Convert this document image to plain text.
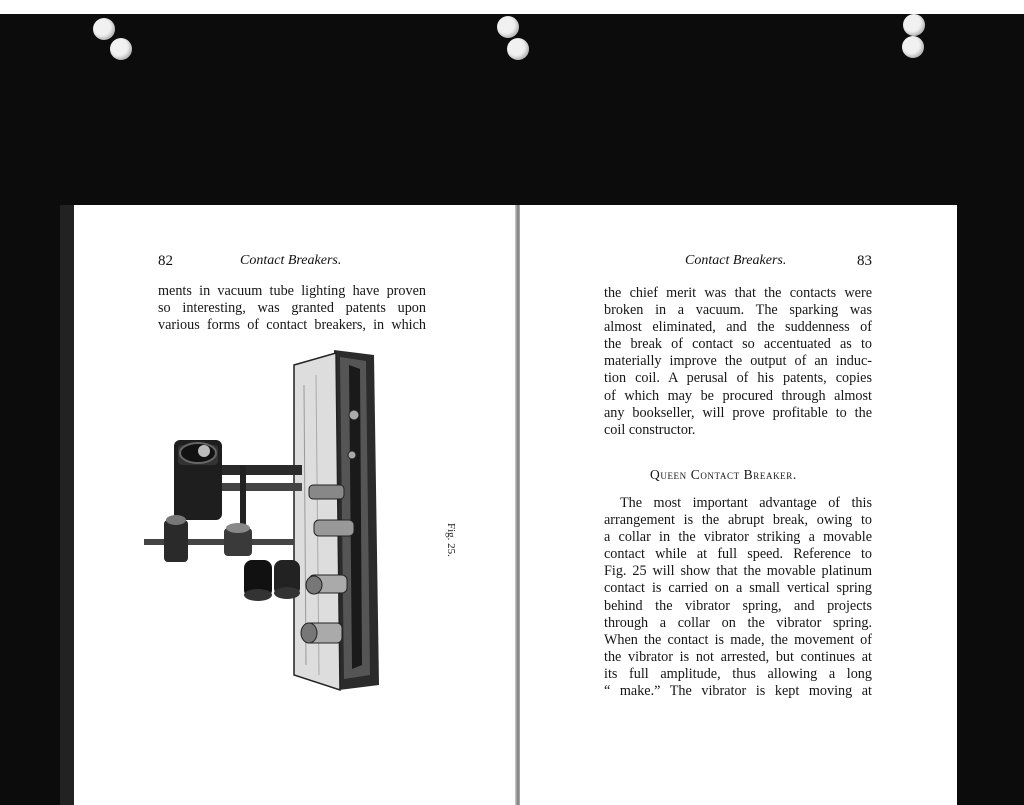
82	Contact Breakers.
ments in vacuum tube lighting have proven
so interesting, was granted patents upon
various forms of contact breakers, in which
Fig. 25.
Contact Breakers.	83
the chief merit was that the contacts were
broken in a vacuum. The sparking was
almost eliminated, and the suddenness of
the break of contact so accentuated as to
materially improve the output of an induc-
tion coil. A perusal of his patents, copies
of which may be procured through almost
any bookseller, will prove profitable to the
coil constructor.
Queen Contact Breaker.
The most important advantage of this
arrangement is the abrupt break, owing to
a collar in the vibrator striking a movable
contact while at full speed. Reference to
Fig. 25 will show that the movable platinum
contact is carried on a small vertical spring
behind the vibrator spring, and projects
through a collar on the vibrator spring.
When the contact is made, the movement of
the vibrator is not arrested, but continues at
its full amplitude, thus allowing a long
“ make.” The vibrator is kept moving at
